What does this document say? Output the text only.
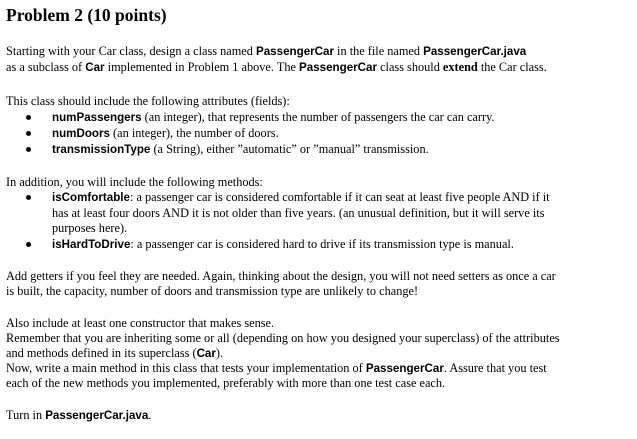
Problem 2 (10 points)
Starting with your Car class, design a class named PassengerCar in the file named PassengerCar.java
as a subclass of Car implemented in Problem 1 above. The PassengerCar class should extend the Car class.
This class should include the following attributes (fields):
numPassengers (an integer), that represents the number of passengers the car can carry.
numDoors (an integer), the number of doors.
transmissionType (a String), either ”automatic” or ”manual” transmission.
In addition, you will include the following methods:
isComfortable: a passenger car is considered comfortable if it can seat at least five people AND if it
has at least four doors AND it is not older than five years. (an unusual definition, but it will serve its
purposes here).
isHardToDrive: a passenger car is considered hard to drive if its transmission type is manual.
Add getters if you feel they are needed. Again, thinking about the design, you will not need setters as once a car
is built, the capacity, number of doors and transmission type are unlikely to change!
Also include at least one constructor that makes sense.
Remember that you are inheriting some or all (depending on how you designed your superclass) of the attributes
and methods defined in its superclass (Car).
Now, write a main method in this class that tests your implementation of PassengerCar. Assure that you test
each of the new methods you implemented, preferably with more than one test case each.
Turn in PassengerCar.java.
